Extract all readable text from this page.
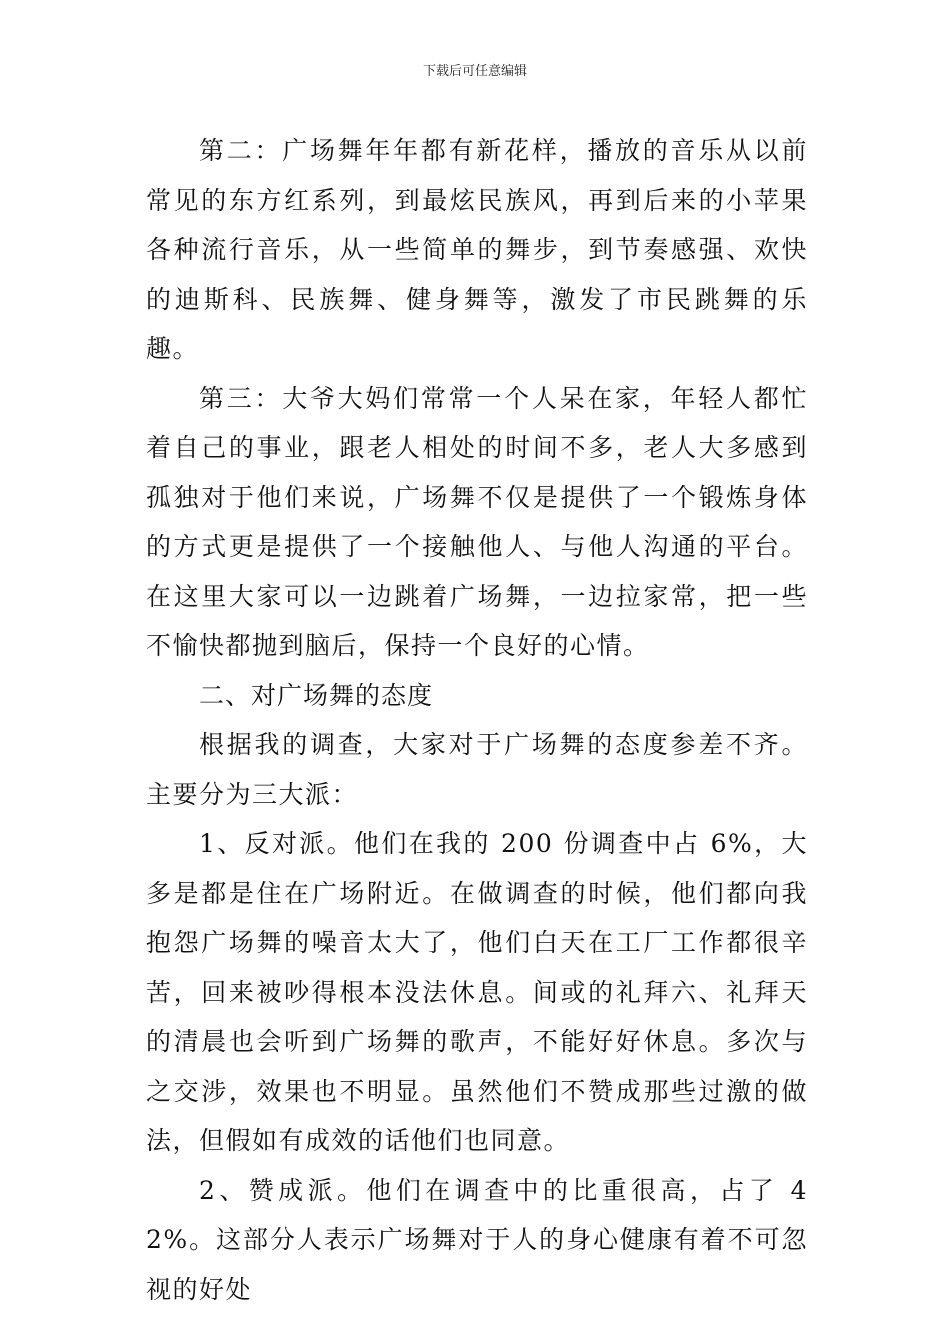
下载后可任意编辑

第二：广场舞年年都有新花样，播放的音乐从以前常见的东方红系列，到最炫民族风，再到后来的小苹果各种流行音乐，从一些简单的舞步，到节奏感强、欢快的迪斯科、民族舞、健身舞等，激发了市民跳舞的乐趣。

第三：大爷大妈们常常一个人呆在家，年轻人都忙着自己的事业，跟老人相处的时间不多，老人大多感到孤独对于他们来说，广场舞不仅是提供了一个锻炼身体的方式更是提供了一个接触他人、与他人沟通的平台。在这里大家可以一边跳着广场舞，一边拉家常，把一些不愉快都抛到脑后，保持一个良好的心情。

二、对广场舞的态度

根据我的调查，大家对于广场舞的态度参差不齐。主要分为三大派：

1、反对派。他们在我的 200 份调查中占 6%，大多是都是住在广场附近。在做调查的时候，他们都向我抱怨广场舞的噪音太大了，他们白天在工厂工作都很辛苦，回来被吵得根本没法休息。间或的礼拜六、礼拜天的清晨也会听到广场舞的歌声，不能好好休息。多次与之交涉，效果也不明显。虽然他们不赞成那些过激的做法，但假如有成效的话他们也同意。

2、赞成派。他们在调查中的比重很高，占了 42%。这部分人表示广场舞对于人的身心健康有着不可忽视的好处
